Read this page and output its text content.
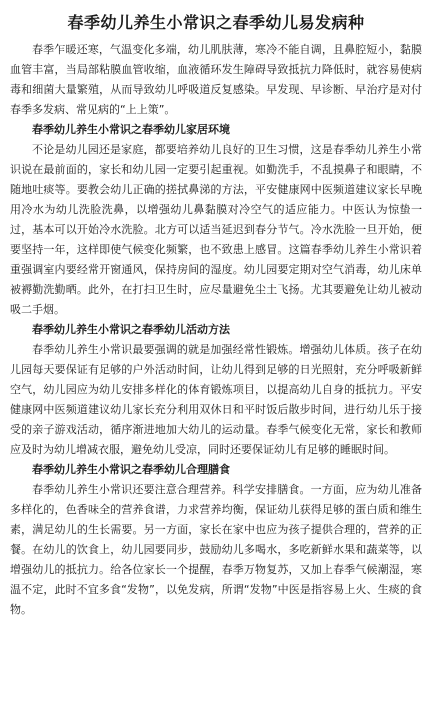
春季幼儿养生小常识之春季幼儿易发病种

春季乍暖还寒，气温变化多端，幼儿肌肤薄，寒冷不能自调，且鼻腔短小，黏膜血管丰富，当局部粘膜血管收缩，血液循环发生障碍导致抵抗力降低时，就容易使病毒和细菌大量繁殖，从而导致幼儿呼吸道反复感染。早发现、早诊断、早治疗是对付春季多发病、常见病的“上上策”。

春季幼儿养生小常识之春季幼儿家居环境

不论是幼儿园还是家庭，都要培养幼儿良好的卫生习惯，这是春季幼儿养生小常识说在最前面的，家长和幼儿园一定要引起重视。如勤洗手，不乱摸鼻子和眼睛，不随地吐痰等。要教会幼儿正确的搓拭鼻涕的方法，平安健康网中医频道建议家长早晚用冷水为幼儿洗脸洗鼻，以增强幼儿鼻黏膜对冷空气的适应能力。中医认为惊蛰一过，基本可以开始冷水洗脸。北方可以适当延迟到春分节气。冷水洗脸一旦开始，便要坚持一年，这样即使气候变化频繁，也不致患上感冒。这篇春季幼儿养生小常识着重强调室内要经常开窗通风，保持房间的湿度。幼儿园要定期对空气消毒，幼儿床单被褥勤洗勤晒。此外，在打扫卫生时，应尽量避免尘土飞扬。尤其要避免让幼儿被动吸二手烟。

春季幼儿养生小常识之春季幼儿活动方法

春季幼儿养生小常识最要强调的就是加强经常性锻炼。增强幼儿体质。孩子在幼儿园每天要保证有足够的户外活动时间，让幼儿得到足够的日光照射，充分呼吸新鲜空气，幼儿园应为幼儿安排多样化的体育锻炼项目，以提高幼儿自身的抵抗力。平安健康网中医频道建议幼儿家长充分利用双休日和平时饭后散步时间，进行幼儿乐于接受的亲子游戏活动，循序渐进地加大幼儿的运动量。春季气候变化无常，家长和教师应及时为幼儿增减衣服，避免幼儿受凉，同时还要保证幼儿有足够的睡眠时间。

春季幼儿养生小常识之春季幼儿合理膳食

春季幼儿养生小常识还要注意合理营养。科学安排膳食。一方面，应为幼儿准备多样化的，色香味全的营养食谱，力求营养均衡，保证幼儿获得足够的蛋白质和维生素，满足幼儿的生长需要。另一方面，家长在家中也应为孩子提供合理的，营养的正餐。在幼儿的饮食上，幼儿园要同步，鼓励幼儿多喝水，多吃新鲜水果和蔬菜等，以增强幼儿的抵抗力。给各位家长一个提醒，春季万物复苏，又加上春季气候潮湿，寒温不定，此时不宜多食“发物”，以免发病，所谓“发物”中医是指容易上火、生痰的食物。
